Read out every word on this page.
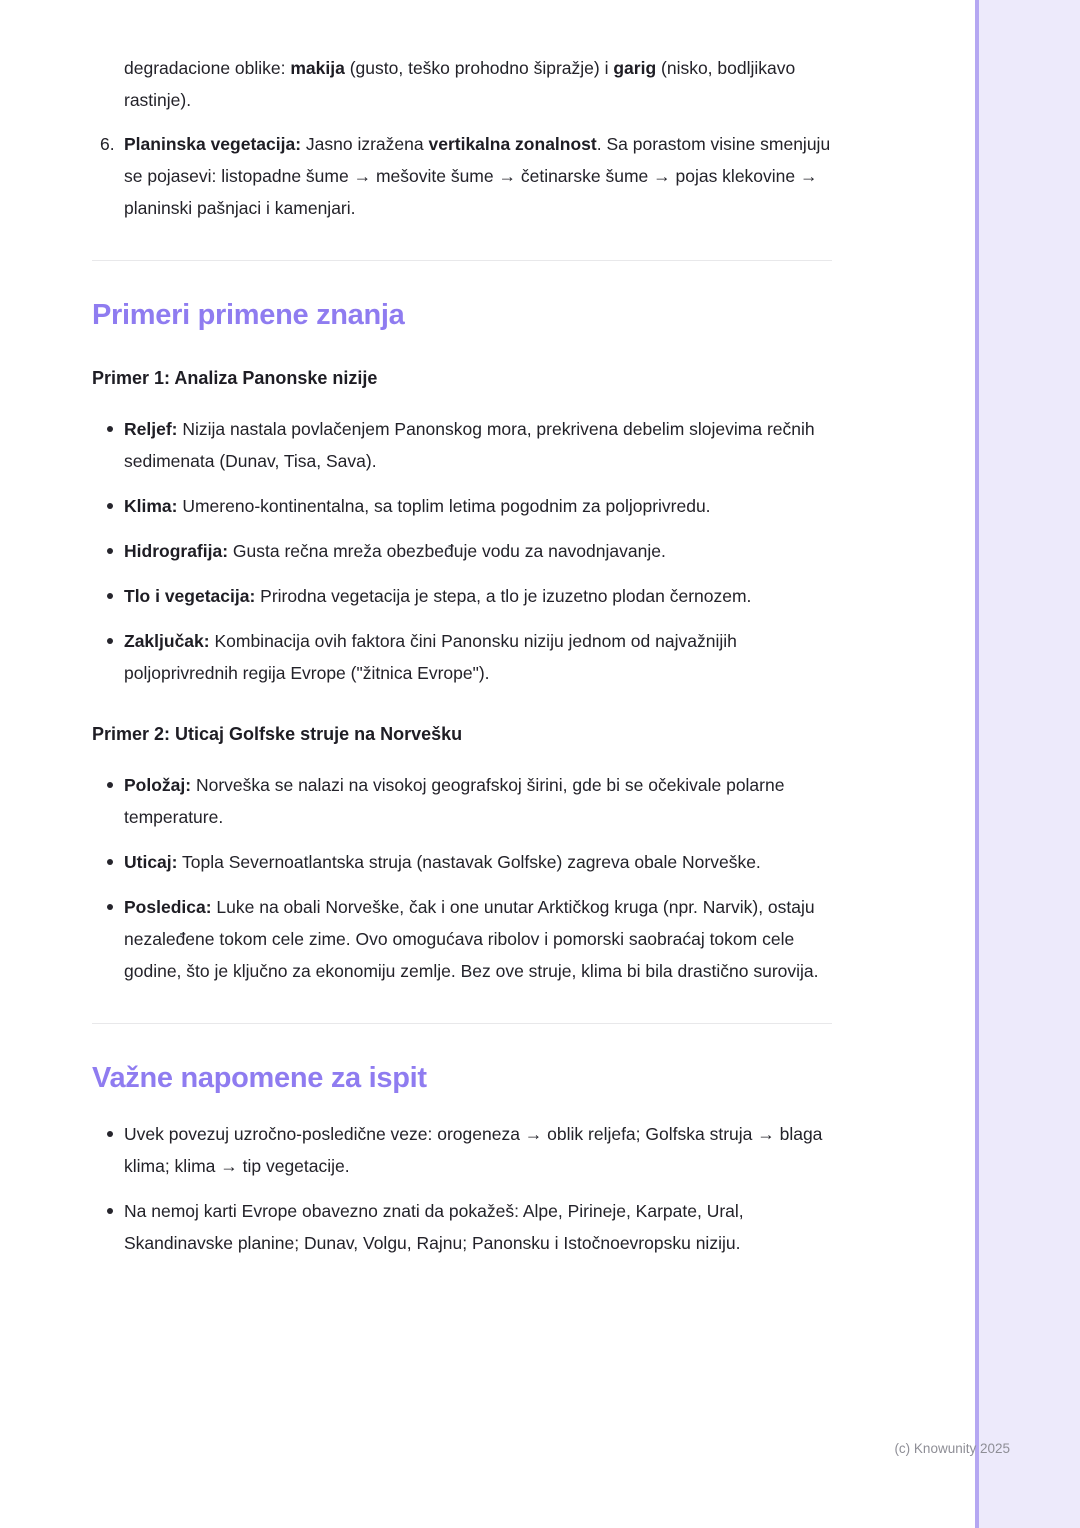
degradacione oblike: makija (gusto, teško prohodno šipražje) i garig (nisko, bodljikavo rastinje).

6. Planinska vegetacija: Jasno izražena vertikalna zonalnost. Sa porastom visine smenjuju se pojasevi: listopadne šume → mešovite šume → četinarske šume → pojas klekovine → planinski pašnjaci i kamenjari.

Primeri primene znanja
Primer 1: Analiza Panonske nizije

Reljef: Nizija nastala povlačenjem Panonskog mora, prekrivena debelim slojevima rečnih sedimenata (Dunav, Tisa, Sava).

Klima: Umereno-kontinentalna, sa toplim letima pogodnim za poljoprivredu.

Hidrografija: Gusta rečna mreža obezbeđuje vodu za navodnjavanje.

Tlo i vegetacija: Prirodna vegetacija je stepa, a tlo je izuzetno plodan černozem.

Zaključak: Kombinacija ovih faktora čini Panonsku niziju jednom od najvažnijih poljoprivrednih regija Evrope ("žitnica Evrope").

Primer 2: Uticaj Golfske struje na Norvešku

Položaj: Norveška se nalazi na visokoj geografskoj širini, gde bi se očekivale polarne temperature.

Uticaj: Topla Severnoatlantska struja (nastavak Golfske) zagreva obale Norveške.

Posledica: Luke na obali Norveške, čak i one unutar Arktičkog kruga (npr. Narvik), ostaju nezaleđene tokom cele zime. Ovo omogućava ribolov i pomorski saobraćaj tokom cele godine, što je ključno za ekonomiju zemlje. Bez ove struje, klima bi bila drastično surovija.

Važne napomene za ispit

Uvek povezuj uzročno-posledične veze: orogeneza → oblik reljefa; Golfska struja → blaga klima; klima → tip vegetacije.

Na nemoj karti Evrope obavezno znati da pokažeš: Alpe, Pirineje, Karpate, Ural, Skandinavske planine; Dunav, Volgu, Rajnu; Panonsku i Istočnoevropsku niziju.

(c) Knowunity 2025
